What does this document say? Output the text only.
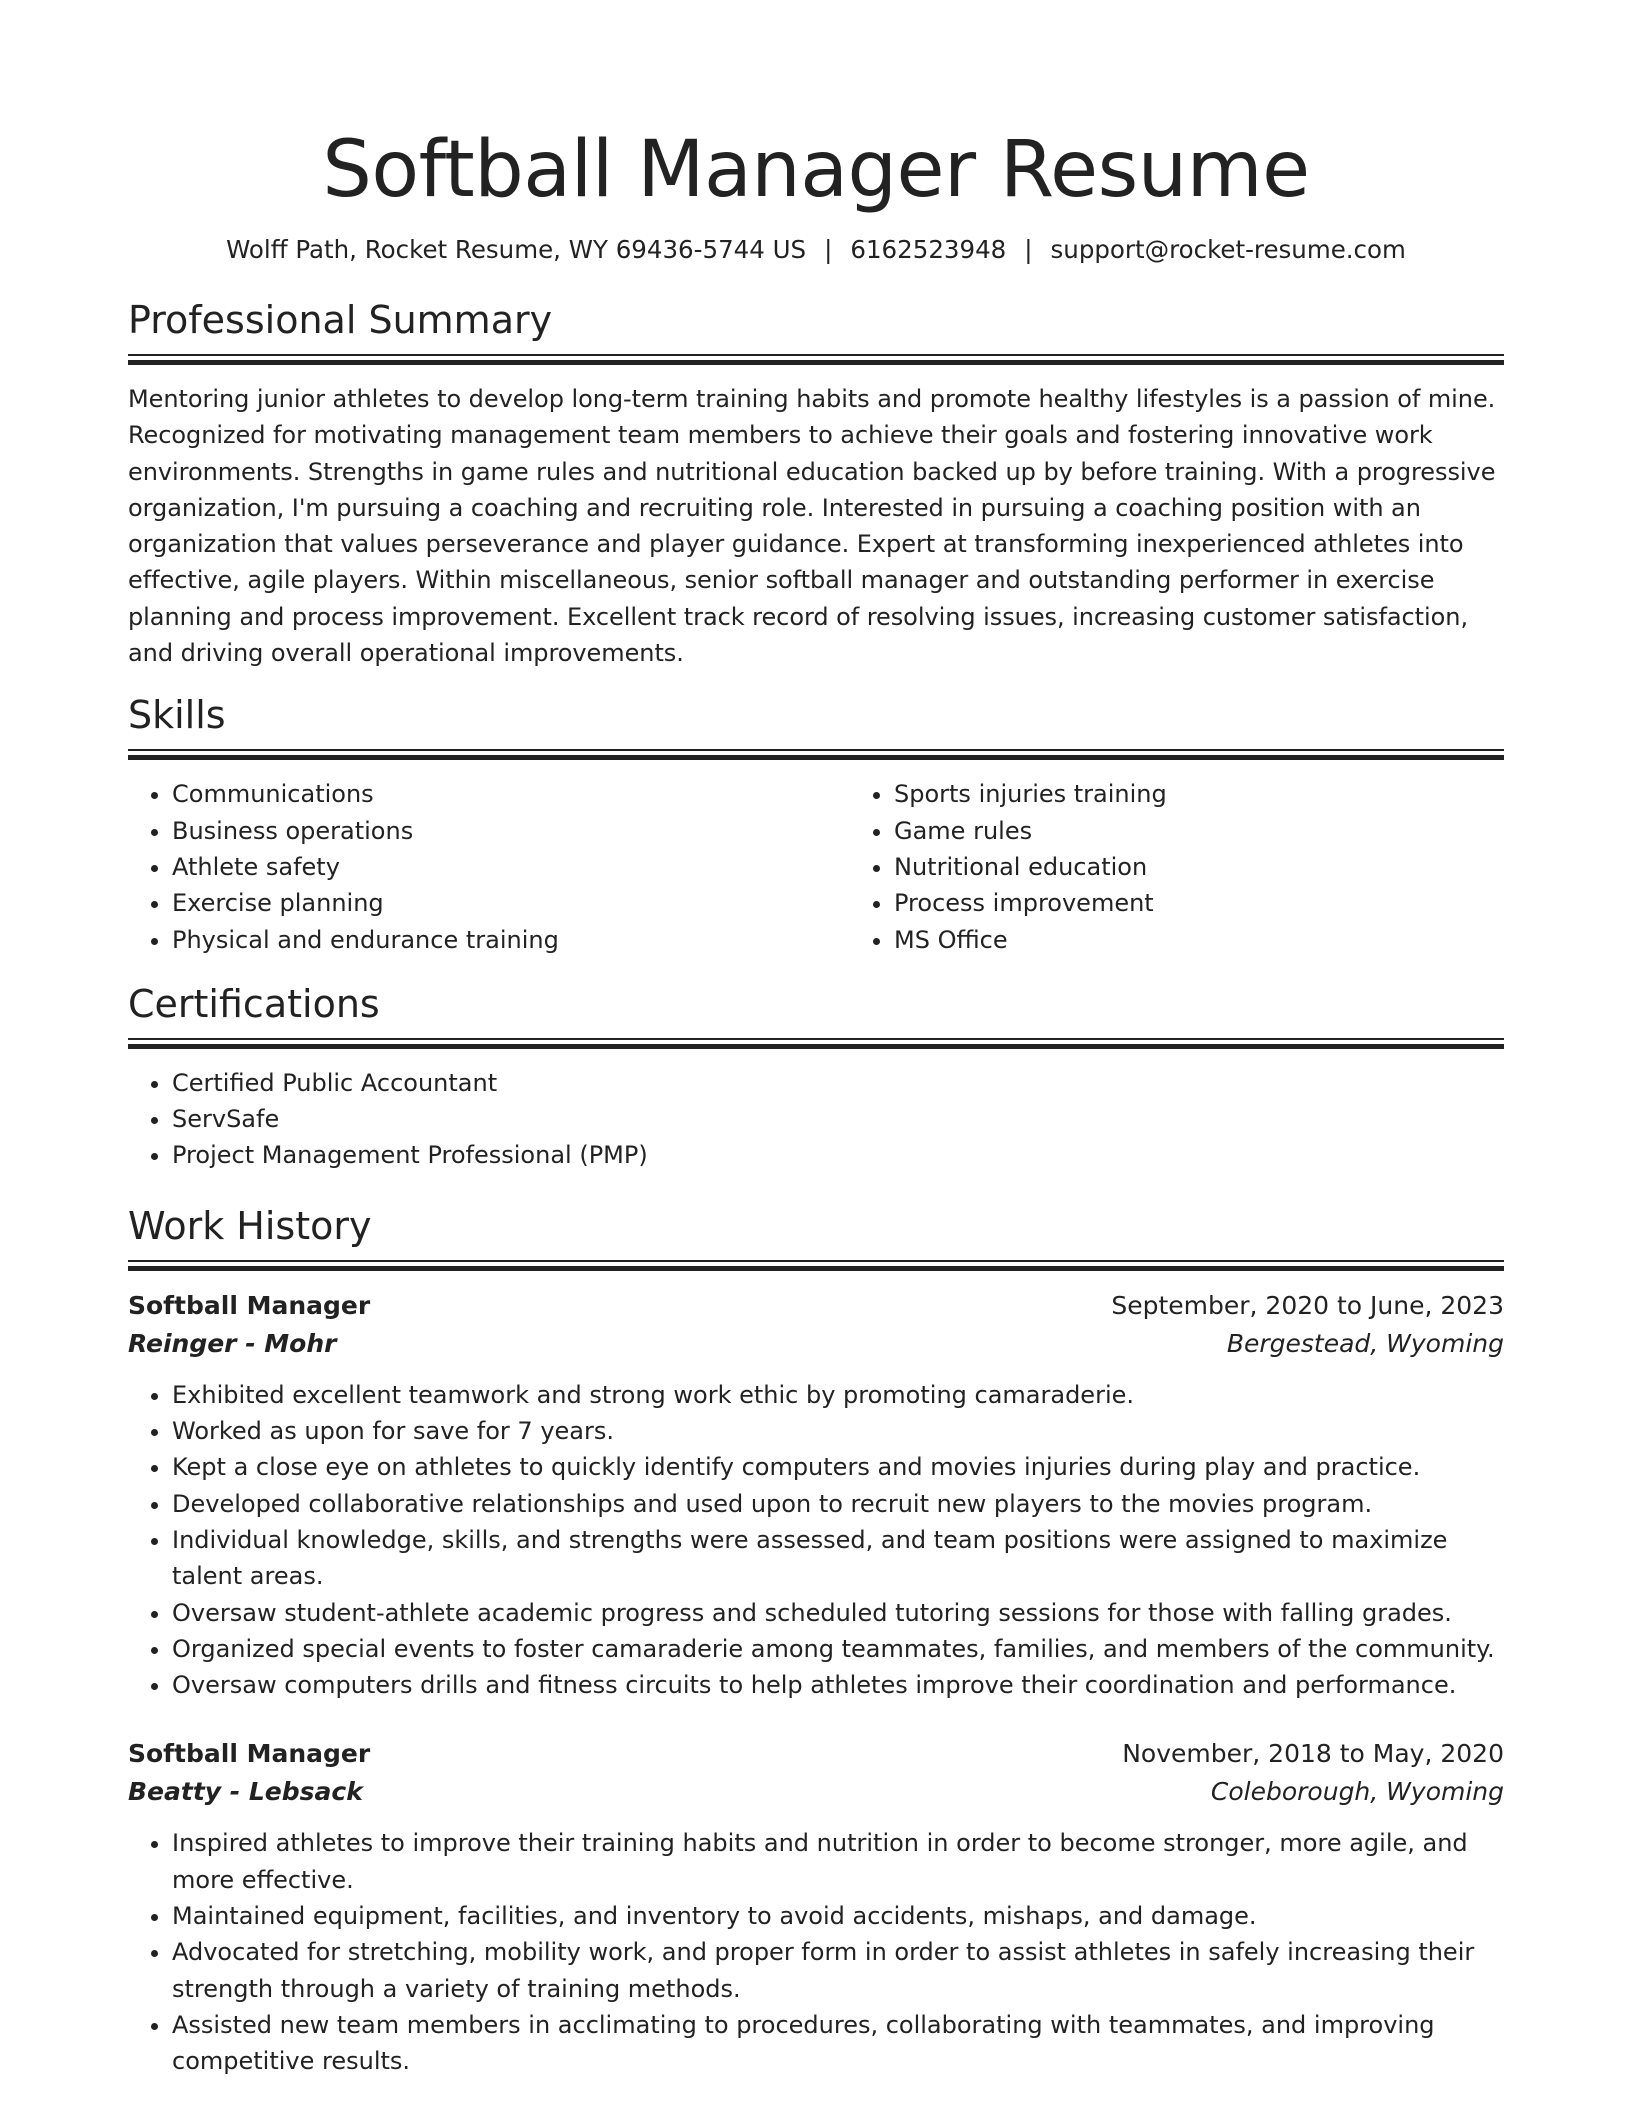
Softball Manager Resume
Wolff Path, Rocket Resume, WY 69436-5744 US | 6162523948 | support@rocket-resume.com
Professional Summary

Mentoring junior athletes to develop long-term training habits and promote healthy lifestyles is a passion of mine. Recognized for motivating management team members to achieve their goals and fostering innovative work environments. Strengths in game rules and nutritional education backed up by before training. With a progressive organization, I'm pursuing a coaching and recruiting role. Interested in pursuing a coaching position with an organization that values perseverance and player guidance. Expert at transforming inexperienced athletes into effective, agile players. Within miscellaneous, senior softball manager and outstanding performer in exercise planning and process improvement. Excellent track record of resolving issues, increasing customer satisfaction, and driving overall operational improvements.

Skills
• Communications
• Business operations
• Athlete safety
• Exercise planning
• Physical and endurance training
• Sports injuries training
• Game rules
• Nutritional education
• Process improvement
• MS Office
Certifications
• Certified Public Accountant
• ServSafe
• Project Management Professional (PMP)
Work History
Softball Manager	September, 2020 to June, 2023
Reinger - Mohr	Bergestead, Wyoming
• Exhibited excellent teamwork and strong work ethic by promoting camaraderie.
• Worked as upon for save for 7 years.
• Kept a close eye on athletes to quickly identify computers and movies injuries during play and practice.
• Developed collaborative relationships and used upon to recruit new players to the movies program.
• Individual knowledge, skills, and strengths were assessed, and team positions were assigned to maximize talent areas.
• Oversaw student-athlete academic progress and scheduled tutoring sessions for those with falling grades.
• Organized special events to foster camaraderie among teammates, families, and members of the community.
• Oversaw computers drills and fitness circuits to help athletes improve their coordination and performance.
Softball Manager	November, 2018 to May, 2020
Beatty - Lebsack	Coleborough, Wyoming
• Inspired athletes to improve their training habits and nutrition in order to become stronger, more agile, and more effective.
• Maintained equipment, facilities, and inventory to avoid accidents, mishaps, and damage.
• Advocated for stretching, mobility work, and proper form in order to assist athletes in safely increasing their strength through a variety of training methods.
• Assisted new team members in acclimating to procedures, collaborating with teammates, and improving competitive results.
